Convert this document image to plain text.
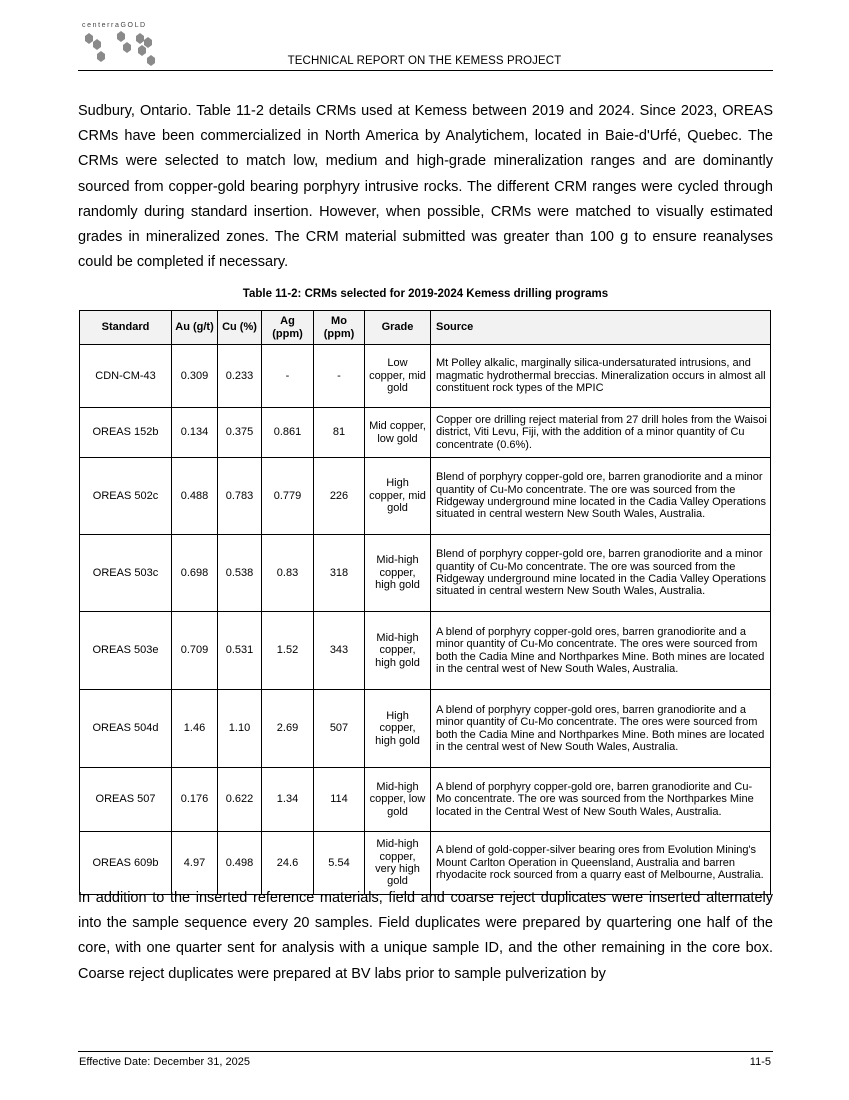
centerraGOLD
TECHNICAL REPORT ON THE KEMESS PROJECT

Sudbury, Ontario. Table 11-2 details CRMs used at Kemess between 2019 and 2024. Since 2023, OREAS CRMs have been commercialized in North America by Analytichem, located in Baie-d'Urfé, Quebec. The CRMs were selected to match low, medium and high-grade mineralization ranges and are dominantly sourced from copper-gold bearing porphyry intrusive rocks. The different CRM ranges were cycled through randomly during standard insertion. However, when possible, CRMs were matched to visually estimated grades in mineralized zones. The CRM material submitted was greater than 100 g to ensure reanalyses could be completed if necessary.

Table 11-2: CRMs selected for 2019-2024 Kemess drilling programs
Standard	Au (g/t)	Cu (%)	Ag (ppm)	Mo (ppm)	Grade	Source
CDN-CM-43	0.309	0.233	-	-	Low copper, mid gold	Mt Polley alkalic, marginally silica-undersaturated intrusions, and magmatic hydrothermal breccias. Mineralization occurs in almost all constituent rock types of the MPIC
OREAS 152b	0.134	0.375	0.861	81	Mid copper, low gold	Copper ore drilling reject material from 27 drill holes from the Waisoi district, Viti Levu, Fiji, with the addition of a minor quantity of Cu concentrate (0.6%).
OREAS 502c	0.488	0.783	0.779	226	High copper, mid gold	Blend of porphyry copper-gold ore, barren granodiorite and a minor quantity of Cu-Mo concentrate. The ore was sourced from the Ridgeway underground mine located in the Cadia Valley Operations situated in central western New South Wales, Australia.
OREAS 503c	0.698	0.538	0.83	318	Mid-high copper, high gold	Blend of porphyry copper-gold ore, barren granodiorite and a minor quantity of Cu-Mo concentrate. The ore was sourced from the Ridgeway underground mine located in the Cadia Valley Operations situated in central western New South Wales, Australia.
OREAS 503e	0.709	0.531	1.52	343	Mid-high copper, high gold	A blend of porphyry copper-gold ores, barren granodiorite and a minor quantity of Cu-Mo concentrate. The ores were sourced from both the Cadia Mine and Northparkes Mine. Both mines are located in the central west of New South Wales, Australia.
OREAS 504d	1.46	1.10	2.69	507	High copper, high gold	A blend of porphyry copper-gold ores, barren granodiorite and a minor quantity of Cu-Mo concentrate. The ores were sourced from both the Cadia Mine and Northparkes Mine. Both mines are located in the central west of New South Wales, Australia.
OREAS 507	0.176	0.622	1.34	114	Mid-high copper, low gold	A blend of porphyry copper-gold ore, barren granodiorite and Cu-Mo concentrate. The ore was sourced from the Northparkes Mine located in the Central West of New South Wales, Australia.
OREAS 609b	4.97	0.498	24.6	5.54	Mid-high copper, very high gold	A blend of gold-copper-silver bearing ores from Evolution Mining's Mount Carlton Operation in Queensland, Australia and barren rhyodacite rock sourced from a quarry east of Melbourne, Australia.

In addition to the inserted reference materials, field and coarse reject duplicates were inserted alternately into the sample sequence every 20 samples. Field duplicates were prepared by quartering one half of the core, with one quarter sent for analysis with a unique sample ID, and the other remaining in the core box. Coarse reject duplicates were prepared at BV labs prior to sample pulverization by

Effective Date: December 31, 2025	11-5
